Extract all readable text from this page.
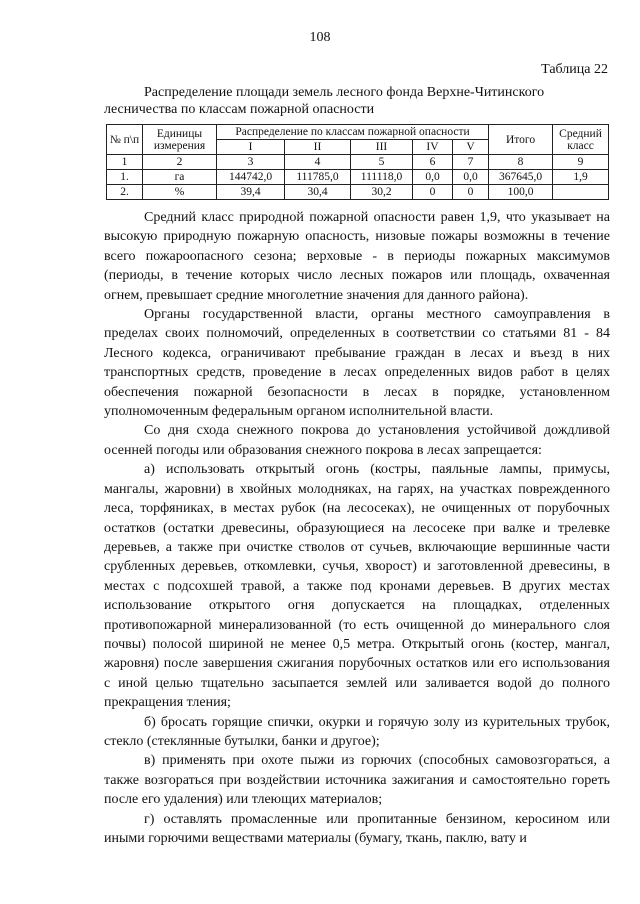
108
Таблица 22
Распределение площади земель лесного фонда Верхне-Читинского
лесничества по классам пожарной опасности
№ п\п	Единицы измерения	Распределение по классам пожарной опасности					Итого	Средний класс
		I	II	III	IV	V		
1	2	3	4	5	6	7	8	9
1.	га	144742,0	111785,0	111118,0	0,0	0,0	367645,0	1,9
2.	%	39,4	30,4	30,2	0	0	100,0	

Средний класс природной пожарной опасности равен 1,9, что указывает на высокую природную пожарную опасность, низовые пожары возможны в течение всего пожароопасного сезона; верховые - в периоды пожарных максимумов (периоды, в течение которых число лесных пожаров или площадь, охваченная огнем, превышает средние многолетние значения для данного района).

Органы государственной власти, органы местного самоуправления в пределах своих полномочий, определенных в соответствии со статьями 81 - 84 Лесного кодекса, ограничивают пребывание граждан в лесах и въезд в них транспортных средств, проведение в лесах определенных видов работ в целях обеспечения пожарной безопасности в лесах в порядке, установленном уполномоченным федеральным органом исполнительной власти.

Со дня схода снежного покрова до установления устойчивой дождливой осенней погоды или образования снежного покрова в лесах запрещается:

а) использовать открытый огонь (костры, паяльные лампы, примусы, мангалы, жаровни) в хвойных молодняках, на гарях, на участках поврежденного леса, торфяниках, в местах рубок (на лесосеках), не очищенных от порубочных остатков (остатки древесины, образующиеся на лесосеке при валке и трелевке деревьев, а также при очистке стволов от сучьев, включающие вершинные части срубленных деревьев, откомлевки, сучья, хворост) и заготовленной древесины, в местах с подсохшей травой, а также под кронами деревьев. В других местах использование открытого огня допускается на площадках, отделенных противопожарной минерализованной (то есть очищенной до минерального слоя почвы) полосой шириной не менее 0,5 метра. Открытый огонь (костер, мангал, жаровня) после завершения сжигания порубочных остатков или его использования с иной целью тщательно засыпается землей или заливается водой до полного прекращения тления;

б) бросать горящие спички, окурки и горячую золу из курительных трубок, стекло (стеклянные бутылки, банки и другое);

в) применять при охоте пыжи из горючих (способных самовозгораться, а также возгораться при воздействии источника зажигания и самостоятельно гореть после его удаления) или тлеющих материалов;

г) оставлять промасленные или пропитанные бензином, керосином или иными горючими веществами материалы (бумагу, ткань, паклю, вату и
